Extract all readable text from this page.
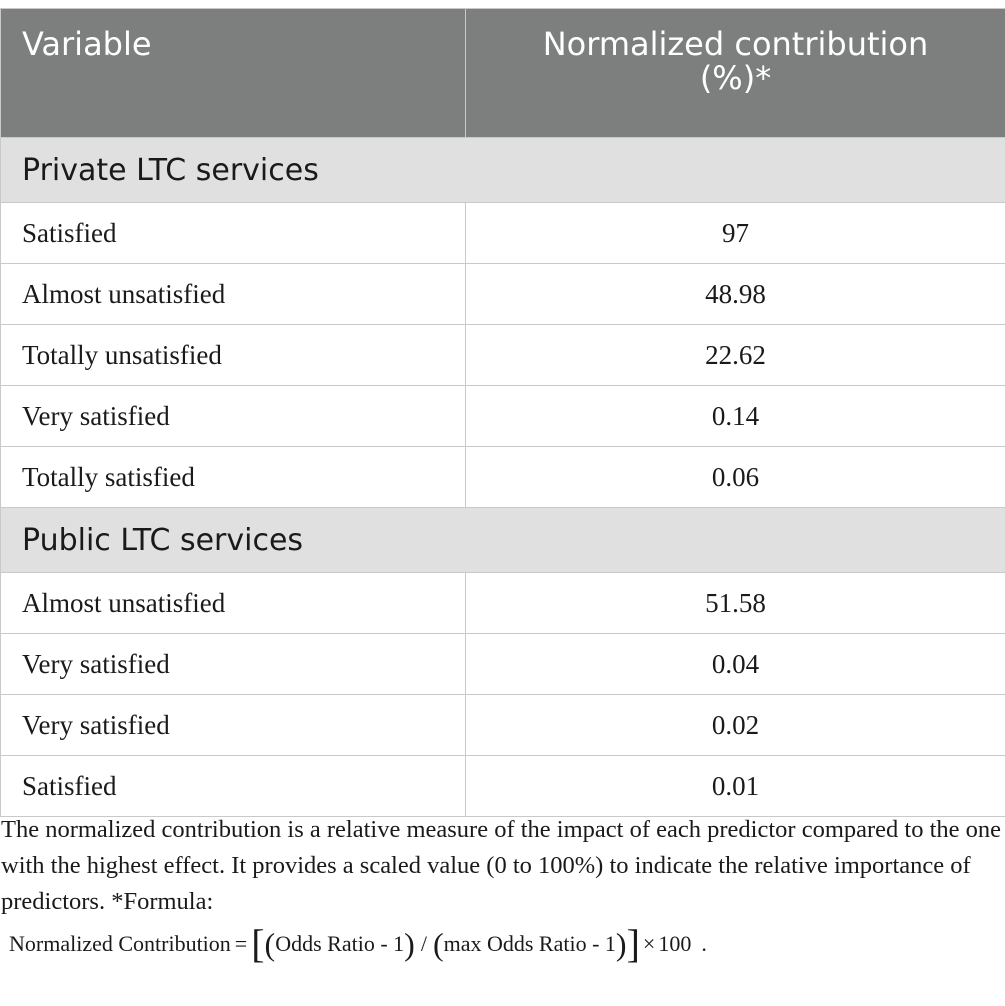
Variable	Normalized contribution
(%)*

Private LTC services	
Satisfied	97
Almost unsatisfied	48.98
Totally unsatisfied	22.62
Very satisfied	0.14
Totally satisfied	0.06
Public LTC services	
Almost unsatisfied	51.58
Very satisfied	0.04
Very satisfied	0.02
Satisfied	0.01
The normalized contribution is a relative measure of the impact of each predictor compared to the one with the highest effect. It provides a scaled value (0 to 100%) to indicate the relative importance of predictors. *Formula:
Normalized Contribution = [ ( Odds Ratio - 1 ) / ( max Odds Ratio - 1 ) ] × 100 .
